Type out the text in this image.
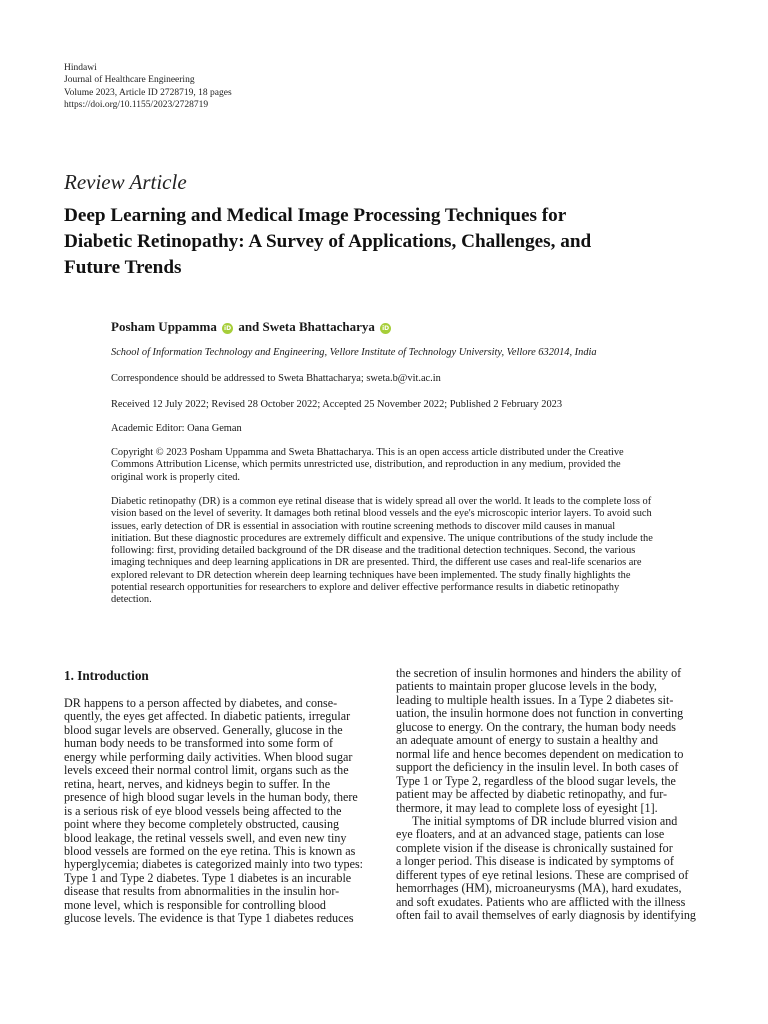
Hindawi
Journal of Healthcare Engineering
Volume 2023, Article ID 2728719, 18 pages
https://doi.org/10.1155/2023/2728719
Review Article
Deep Learning and Medical Image Processing Techniques for
Diabetic Retinopathy: A Survey of Applications, Challenges, and
Future Trends
Posham Uppamma iD and Sweta Bhattacharya iD
School of Information Technology and Engineering, Vellore Institute of Technology University, Vellore 632014, India
Correspondence should be addressed to Sweta Bhattacharya; sweta.b@vit.ac.in
Received 12 July 2022; Revised 28 October 2022; Accepted 25 November 2022; Published 2 February 2023
Academic Editor: Oana Geman
Copyright © 2023 Posham Uppamma and Sweta Bhattacharya. This is an open access article distributed under the Creative
Commons Attribution License, which permits unrestricted use, distribution, and reproduction in any medium, provided the
original work is properly cited.
Diabetic retinopathy (DR) is a common eye retinal disease that is widely spread all over the world. It leads to the complete loss of
vision based on the level of severity. It damages both retinal blood vessels and the eye's microscopic interior layers. To avoid such
issues, early detection of DR is essential in association with routine screening methods to discover mild causes in manual
initiation. But these diagnostic procedures are extremely difficult and expensive. The unique contributions of the study include the
following: first, providing detailed background of the DR disease and the traditional detection techniques. Second, the various
imaging techniques and deep learning applications in DR are presented. Third, the different use cases and real-life scenarios are
explored relevant to DR detection wherein deep learning techniques have been implemented. The study finally highlights the
potential research opportunities for researchers to explore and deliver effective performance results in diabetic retinopathy
detection.
1. Introduction
DR happens to a person affected by diabetes, and conse-
quently, the eyes get affected. In diabetic patients, irregular
blood sugar levels are observed. Generally, glucose in the
human body needs to be transformed into some form of
energy while performing daily activities. When blood sugar
levels exceed their normal control limit, organs such as the
retina, heart, nerves, and kidneys begin to suffer. In the
presence of high blood sugar levels in the human body, there
is a serious risk of eye blood vessels being affected to the
point where they become completely obstructed, causing
blood leakage, the retinal vessels swell, and even new tiny
blood vessels are formed on the eye retina. This is known as
hyperglycemia; diabetes is categorized mainly into two types:
Type 1 and Type 2 diabetes. Type 1 diabetes is an incurable
disease that results from abnormalities in the insulin hor-
mone level, which is responsible for controlling blood
glucose levels. The evidence is that Type 1 diabetes reduces
the secretion of insulin hormones and hinders the ability of
patients to maintain proper glucose levels in the body,
leading to multiple health issues. In a Type 2 diabetes sit-
uation, the insulin hormone does not function in converting
glucose to energy. On the contrary, the human body needs
an adequate amount of energy to sustain a healthy and
normal life and hence becomes dependent on medication to
support the deficiency in the insulin level. In both cases of
Type 1 or Type 2, regardless of the blood sugar levels, the
patient may be affected by diabetic retinopathy, and fur-
thermore, it may lead to complete loss of eyesight [1].
The initial symptoms of DR include blurred vision and
eye floaters, and at an advanced stage, patients can lose
complete vision if the disease is chronically sustained for
a longer period. This disease is indicated by symptoms of
different types of eye retinal lesions. These are comprised of
hemorrhages (HM), microaneurysms (MA), hard exudates,
and soft exudates. Patients who are afflicted with the illness
often fail to avail themselves of early diagnosis by identifying
